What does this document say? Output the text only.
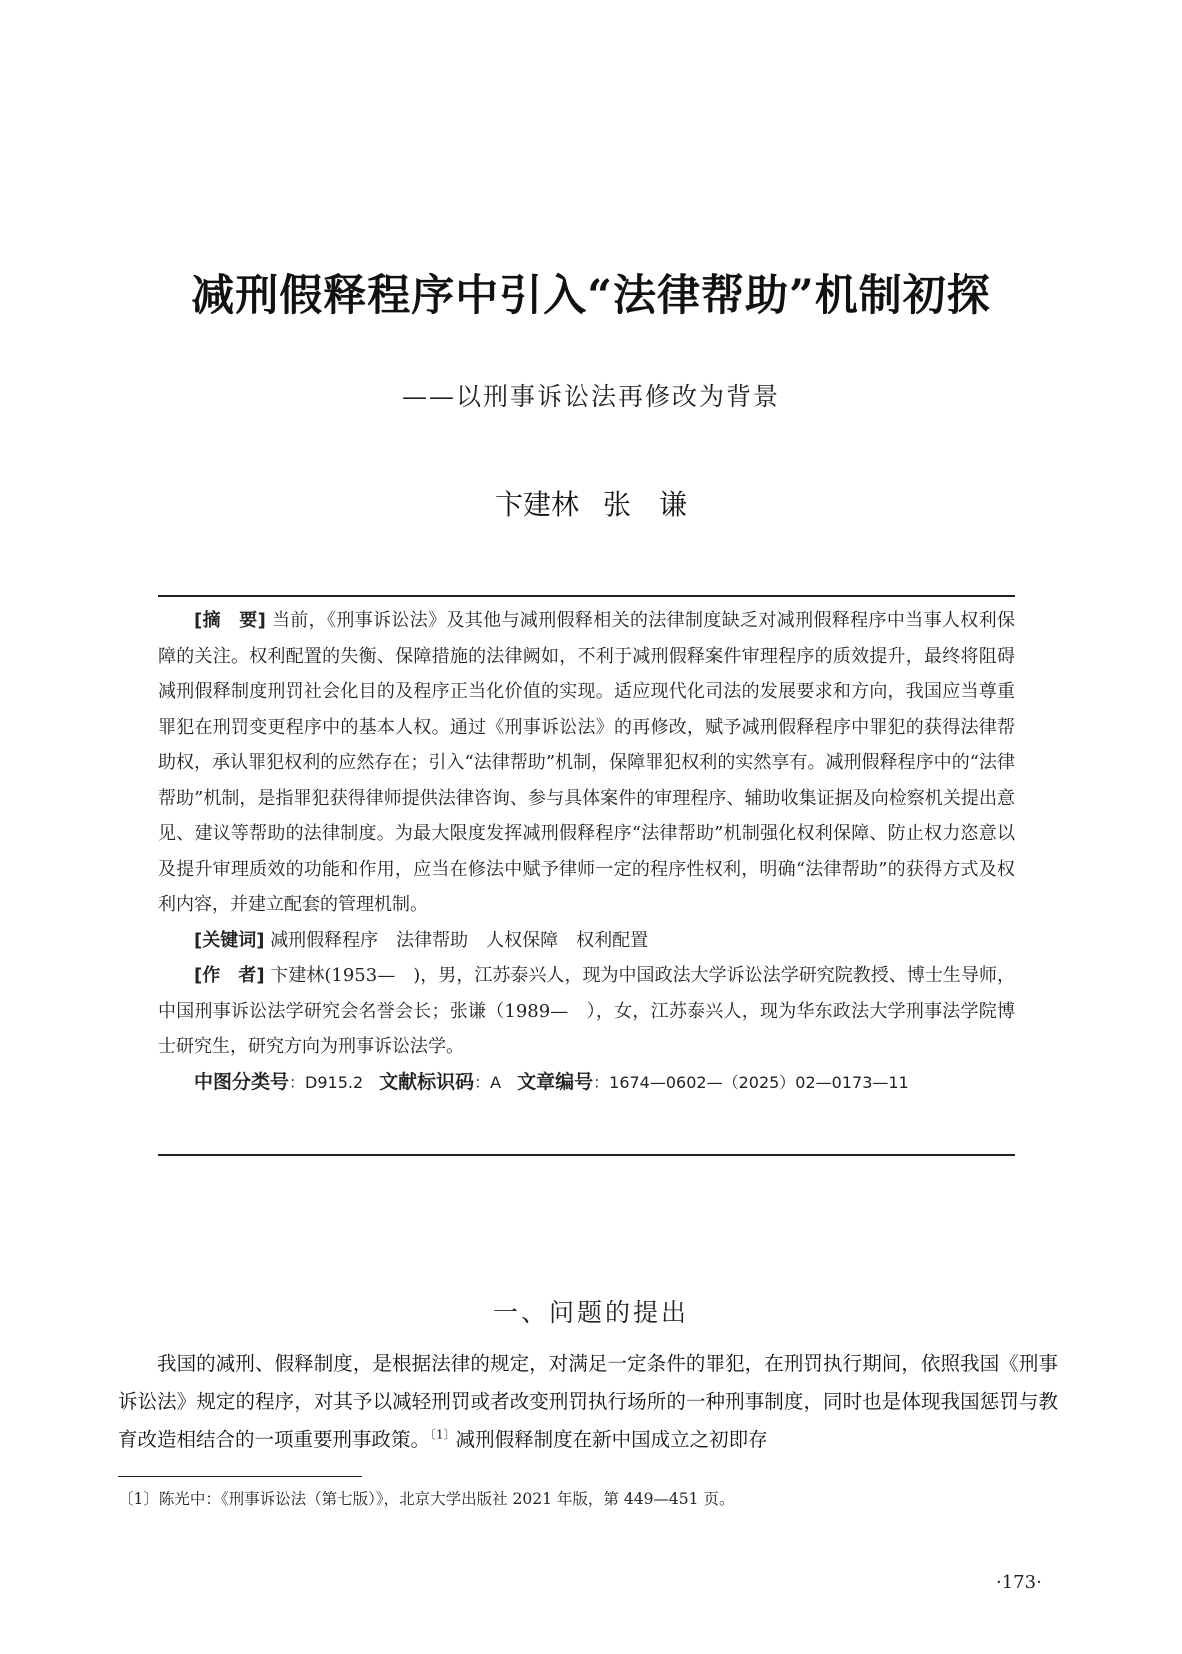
减刑假释程序中引入“法律帮助”机制初探
——以刑事诉讼法再修改为背景
卞建林 张　谦

[摘　要] 当前，《刑事诉讼法》及其他与减刑假释相关的法律制度缺乏对减刑假释程序中当事人权利保障的关注。权利配置的失衡、保障措施的法律阙如，不利于减刑假释案件审理程序的质效提升，最终将阻碍减刑假释制度刑罚社会化目的及程序正当化价值的实现。适应现代化司法的发展要求和方向，我国应当尊重罪犯在刑罚变更程序中的基本人权。通过《刑事诉讼法》的再修改，赋予减刑假释程序中罪犯的获得法律帮助权，承认罪犯权利的应然存在；引入“法律帮助”机制，保障罪犯权利的实然享有。减刑假释程序中的“法律帮助”机制，是指罪犯获得律师提供法律咨询、参与具体案件的审理程序、辅助收集证据及向检察机关提出意见、建议等帮助的法律制度。为最大限度发挥减刑假释程序“法律帮助”机制强化权利保障、防止权力恣意以及提升审理质效的功能和作用，应当在修法中赋予律师一定的程序性权利，明确“法律帮助”的获得方式及权利内容，并建立配套的管理机制。

[关键词] 减刑假释程序　法律帮助　人权保障　权利配置

[作　者] 卞建林(1953—　)，男，江苏泰兴人，现为中国政法大学诉讼法学研究院教授、博士生导师，中国刑事诉讼法学研究会名誉会长；张谦（1989—　），女，江苏泰兴人，现为华东政法大学刑事法学院博士研究生，研究方向为刑事诉讼法学。

中图分类号：D915.2 文献标识码：A 文章编号：1674—0602—（2025）02—0173—11

一、问题的提出

我国的减刑、假释制度，是根据法律的规定，对满足一定条件的罪犯，在刑罚执行期间，依照我国《刑事诉讼法》规定的程序，对其予以减轻刑罚或者改变刑罚执行场所的一种刑事制度，同时也是体现我国惩罚与教育改造相结合的一项重要刑事政策。$^{〔1〕}$减刑假释制度在新中国成立之初即存

〔1〕陈光中：《刑事诉讼法（第七版）》，北京大学出版社 2021 年版，第 449—451 页。
·173·
